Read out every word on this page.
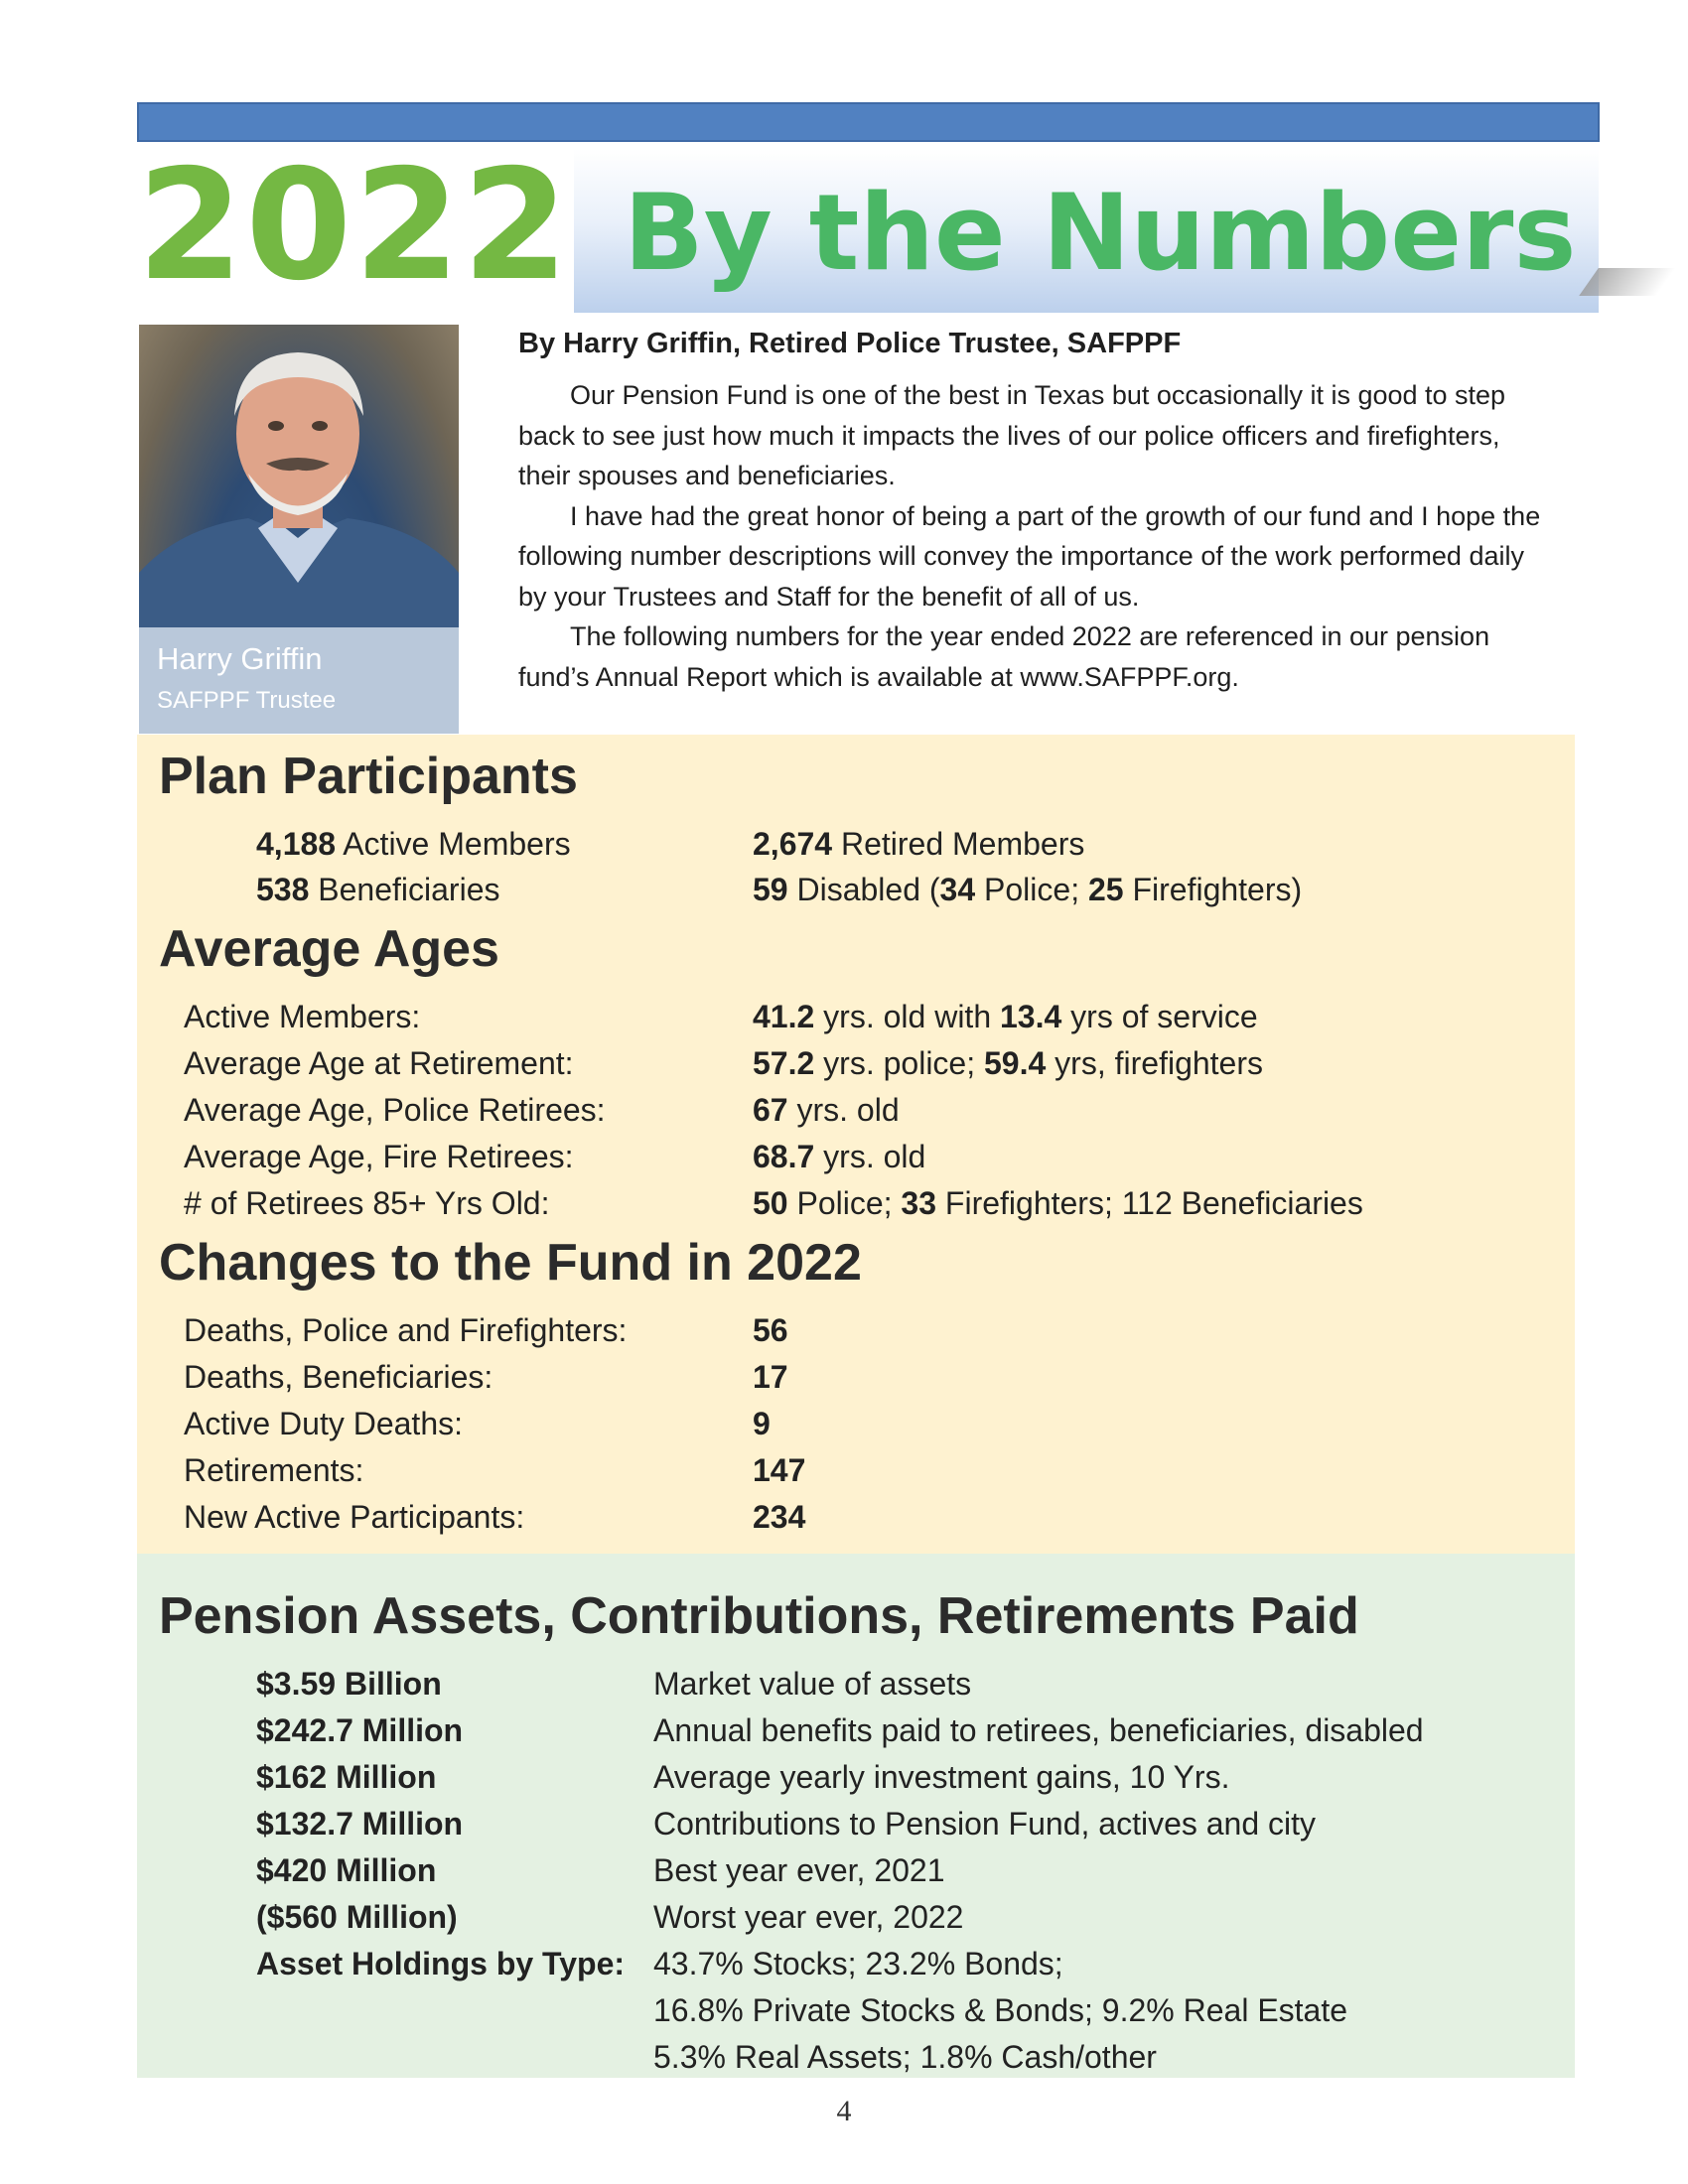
2022 By the Numbers
Harry Griffin
SAFPPF Trustee
By Harry Griffin, Retired Police Trustee, SAFPPF

Our Pension Fund is one of the best in Texas but occasionally it is good to step back to see just how much it impacts the lives of our police officers and firefighters, their spouses and beneficiaries.

I have had the great honor of being a part of the growth of our fund and I hope the following number descriptions will convey the importance of the work performed daily by your Trustees and Staff for the benefit of all of us.

The following numbers for the year ended 2022 are referenced in our pension fund’s Annual Report which is available at www.SAFPPF.org.

Plan Participants
4,188 Active Members	2,674 Retired Members
538 Beneficiaries	59 Disabled (34 Police; 25 Firefighters)
Average Ages
Active Members:	41.2 yrs. old with 13.4 yrs of service
Average Age at Retirement:	57.2 yrs. police; 59.4 yrs, firefighters
Average Age, Police Retirees:	67 yrs. old
Average Age, Fire Retirees:	68.7 yrs. old
# of Retirees 85+ Yrs Old:	50 Police; 33 Firefighters; 112 Beneficiaries
Changes to the Fund in 2022
Deaths, Police and Firefighters:	56
Deaths, Beneficiaries:	17
Active Duty Deaths:	9
Retirements:	147
New Active Participants:	234
Pension Assets, Contributions, Retirements Paid
$3.59 Billion	Market value of assets
$242.7 Million	Annual benefits paid to retirees, beneficiaries, disabled
$162 Million	Average yearly investment gains, 10 Yrs.
$132.7 Million	Contributions to Pension Fund, actives and city
$420 Million	Best year ever, 2021
($560 Million)	Worst year ever, 2022
Asset Holdings by Type: 43.7% Stocks; 23.2% Bonds;
16.8% Private Stocks & Bonds; 9.2% Real Estate
5.3% Real Assets; 1.8% Cash/other
4
